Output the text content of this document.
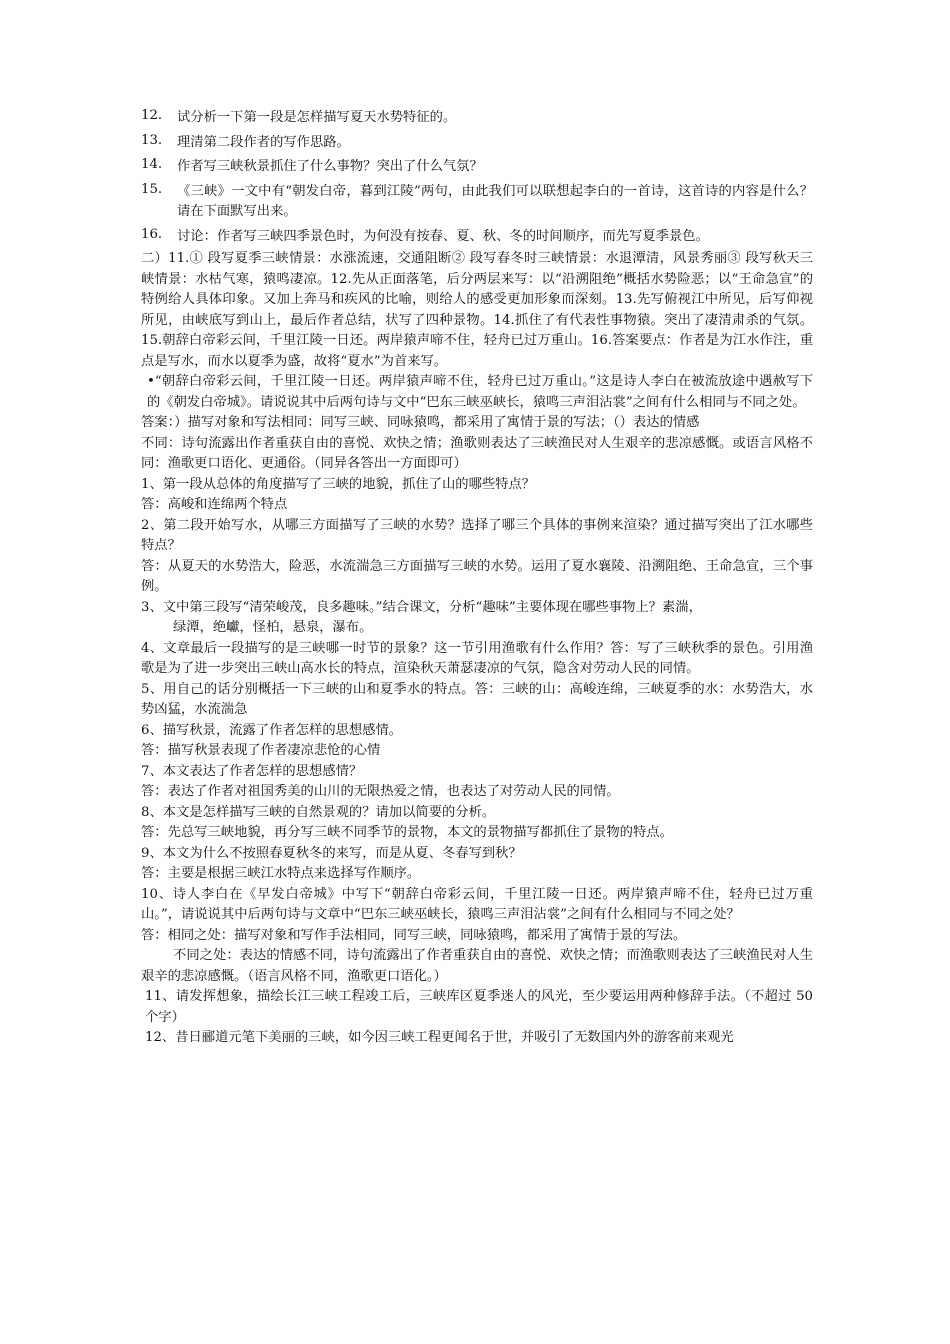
12.	试分析一下第一段是怎样描写夏天水势特征的。
13.	理清第二段作者的写作思路。
14.	作者写三峡秋景抓住了什么事物？突出了什么气氛？
15.	《三峡》一文中有“朝发白帝，暮到江陵”两句，由此我们可以联想起李白的一首诗，这首诗的内容是什么？请在下面默写出来。
16.	讨论：作者写三峡四季景色时，为何没有按春、夏、秋、冬的时间顺序，而先写夏季景色。

二）11.① 段写夏季三峡情景：水涨流速，交通阻断② 段写春冬时三峡情景：水退潭清，风景秀丽③ 段写秋天三峡情景：水枯气寒，猿鸣凄凉。12.先从正面落笔，后分两层来写：以“沿溯阻绝”概括水势险恶；以“王命急宣”的特例给人具体印象。又加上奔马和疾风的比喻，则给人的感受更加形象而深刻。13.先写俯视江中所见，后写仰视所见，由峡底写到山上，最后作者总结，状写了四种景物。14.抓住了有代表性事物猿。突出了凄清肃杀的气氛。15.朝辞白帝彩云间，千里江陵一日还。两岸猿声啼不住，轻舟已过万重山。16.答案要点：作者是为江水作注，重点是写水，而水以夏季为盛，故将“夏水”为首来写。

•“朝辞白帝彩云间，千里江陵一日还。两岸猿声啼不住，轻舟已过万重山。”这是诗人李白在被流放途中遇赦写下的《朝发白帝城》。请说说其中后两句诗与文中“巴东三峡巫峡长，猿鸣三声泪沾裳”之间有什么相同与不同之处。

答案：）描写对象和写法相同：同写三峡、同咏猿鸣，都采用了寓情于景的写法；（）表达的情感

不同：诗句流露出作者重获自由的喜悦、欢快之情；渔歌则表达了三峡渔民对人生艰辛的悲凉感慨。或语言风格不同：渔歌更口语化、更通俗。（同异各答出一方面即可）

1、第一段从总体的角度描写了三峡的地貌，抓住了山的哪些特点？

答：高峻和连绵两个特点

2、第二段开始写水，从哪三方面描写了三峡的水势？选择了哪三个具体的事例来渲染？通过描写突出了江水哪些特点？

答：从夏天的水势浩大，险恶，水流湍急三方面描写三峡的水势。运用了夏水襄陵、沿溯阻绝、王命急宣，三个事例。

3、文中第三段写“清荣峻茂，良多趣味。”结合课文，分析“趣味”主要体现在哪些事物上？素湍，

绿潭，绝巘，怪柏，悬泉，瀑布。

4、文章最后一段描写的是三峡哪一时节的景象？这一节引用渔歌有什么作用？答：写了三峡秋季的景色。引用渔歌是为了进一步突出三峡山高水长的特点，渲染秋天萧瑟凄凉的气氛，隐含对劳动人民的同情。

5、用自己的话分别概括一下三峡的山和夏季水的特点。答：三峡的山：高峻连绵，三峡夏季的水：水势浩大，水势凶猛，水流湍急

6、描写秋景，流露了作者怎样的思想感情。

答：描写秋景表现了作者凄凉悲怆的心情

7、本文表达了作者怎样的思想感情？

答：表达了作者对祖国秀美的山川的无限热爱之情，也表达了对劳动人民的同情。

8、本文是怎样描写三峡的自然景观的？请加以简要的分析。

答：先总写三峡地貌，再分写三峡不同季节的景物，本文的景物描写都抓住了景物的特点。

9、本文为什么不按照春夏秋冬的来写，而是从夏、冬春写到秋？

答：主要是根据三峡江水特点来选择写作顺序。

10、诗人李白在《早发白帝城》中写下“朝辞白帝彩云间，千里江陵一日还。两岸猿声啼不住，轻舟已过万重山。”，请说说其中后两句诗与文章中“巴东三峡巫峡长，猿鸣三声泪沾裳”之间有什么相同与不同之处？

答：相同之处：描写对象和写作手法相同，同写三峡，同咏猿鸣，都采用了寓情于景的写法。

不同之处：表达的情感不同，诗句流露出了作者重获自由的喜悦、欢快之情；而渔歌则表达了三峡渔民对人生艰辛的悲凉感慨。（语言风格不同，渔歌更口语化。）

11、请发挥想象，描绘长江三峡工程竣工后，三峡库区夏季迷人的风光，至少要运用两种修辞手法。（不超过 50 个字）

12、昔日郦道元笔下美丽的三峡，如今因三峡工程更闻名于世，并吸引了无数国内外的游客前来观光
